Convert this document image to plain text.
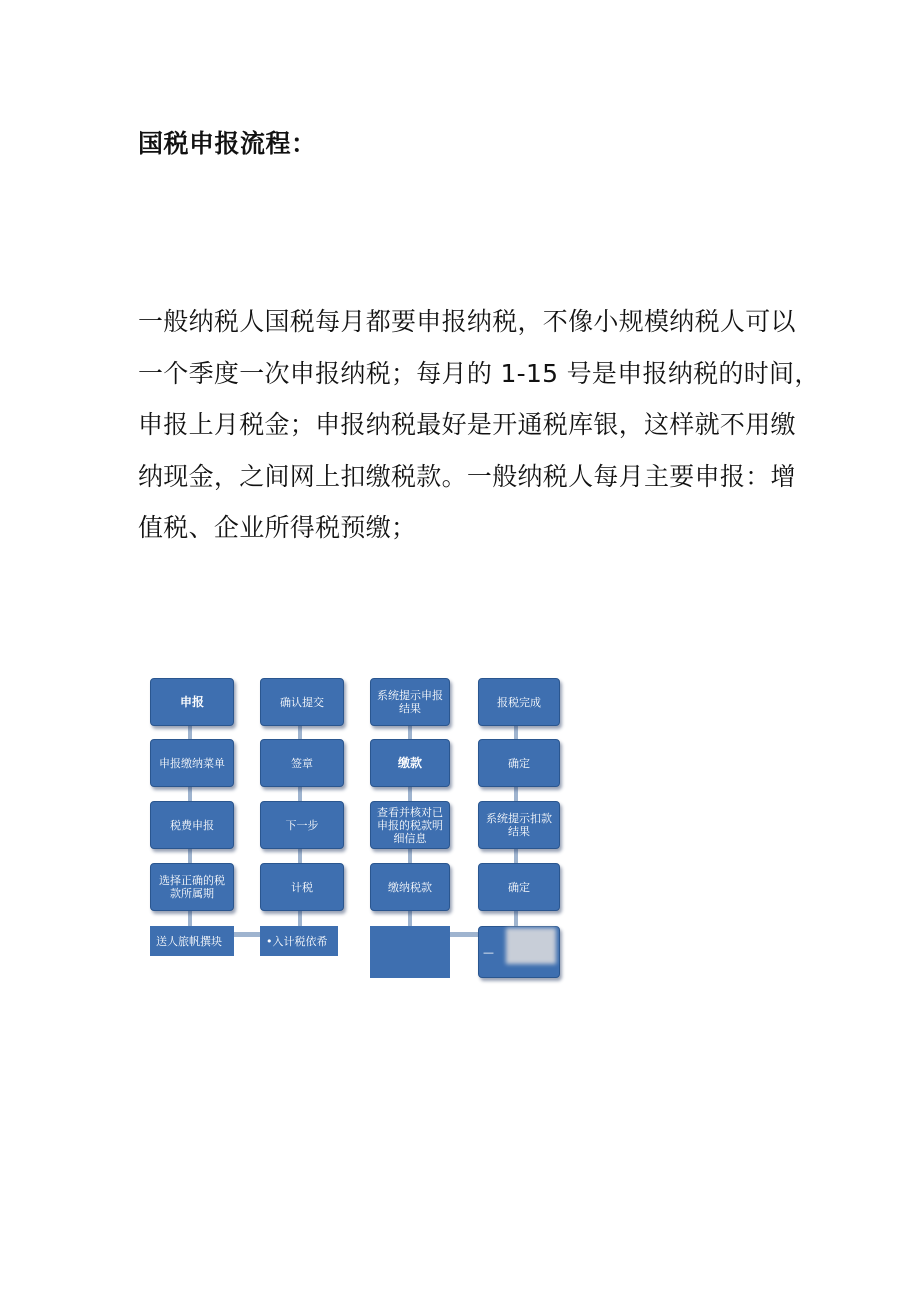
国税申报流程：

一般纳税人国税每月都要申报纳税，不像小规模纳税人可以

一个季度一次申报纳税；每月的 1-15 号是申报纳税的时间，

申报上月税金；申报纳税最好是开通税库银，这样就不用缴

纳现金，之间网上扣缴税款。一般纳税人每月主要申报：增

值税、企业所得税预缴；

申报
申报缴纳菜单
税费申报
选择正确的税款所属期
送人旅帆撰块
确认提交
签章
下一步
计税
•入计税依希
系统提示申报结果
缴款
查看并核对已申报的税款明细信息
缴纳税款
报税完成
确定
系统提示扣款结果
确定
—
